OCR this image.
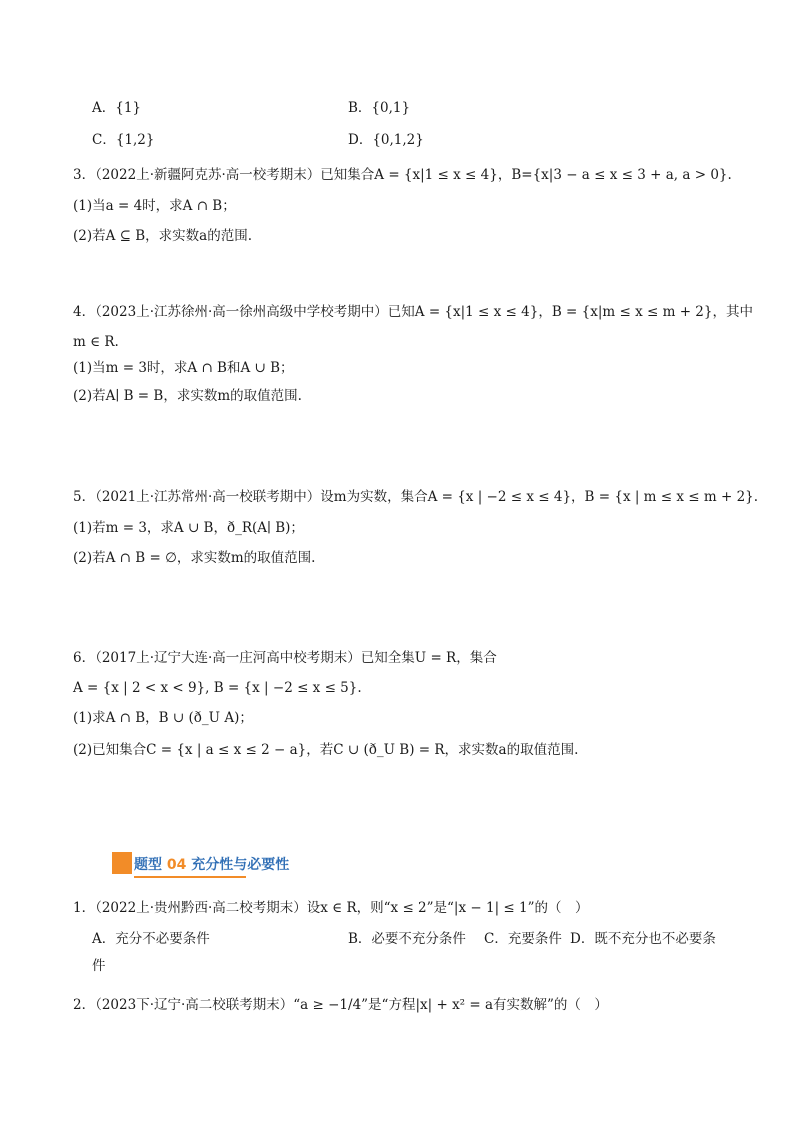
A．{1}	B．{0,1}
C．{1,2}	D．{0,1,2}
3．（2022上·新疆阿克苏·高一校考期末）已知集合A = {x|1 ≤ x ≤ 4}，B={x|3 − a ≤ x ≤ 3 + a, a > 0}.
(1)当a = 4时，求A ∩ B；
(2)若A ⊆ B，求实数a的范围.
4．（2023上·江苏徐州·高一徐州高级中学校考期中）已知A = {x|1 ≤ x ≤ 4}，B = {x|m ≤ x ≤ m + 2}，其中
m ∈ R.
(1)当m = 3时，求A ∩ B和A ∪ B；
(2)若A∣ B = B，求实数m的取值范围.
5．（2021上·江苏常州·高一校联考期中）设m为实数，集合A = {x | −2 ≤ x ≤ 4}，B = {x | m ≤ x ≤ m + 2}.
(1)若m = 3，求A ∪ B，ð_R(A∣ B)；
(2)若A ∩ B = ∅，求实数m的取值范围.
6．（2017上·辽宁大连·高一庄河高中校考期末）已知全集U = R，集合
A = {x | 2 < x < 9}, B = {x | −2 ≤ x ≤ 5}.
(1)求A ∩ B，B ∪ (ð_U A)；
(2)已知集合C = {x | a ≤ x ≤ 2 − a}，若C ∪ (ð_U B) = R，求实数a的取值范围.
题型 04 充分性与必要性
1．（2022上·贵州黔西·高二校考期末）设x ∈ R，则“x ≤ 2”是“|x − 1| ≤ 1”的（　）
A．充分不必要条件	B．必要不充分条件 C．充要条件 D．既不充分也不必要条
件
2．（2023下·辽宁·高二校联考期末）“a ≥ −1/4”是“方程|x| + x² = a有实数解”的（　）
